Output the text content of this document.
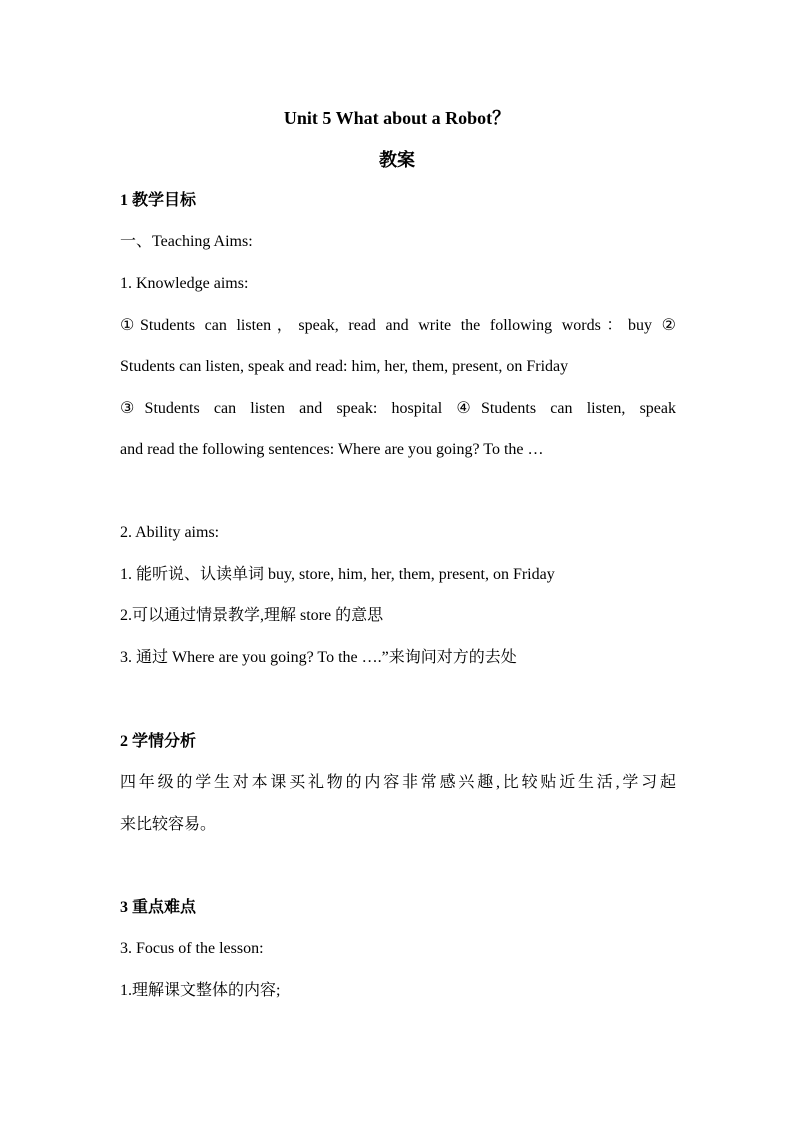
Unit 5 What about a Robot？

教案

1 教学目标

一、Teaching Aims:

1. Knowledge aims:

①Students can listen，speak, read and write the following words：buy ②

Students can listen, speak and read: him, her, them, present, on Friday

③Students can listen and speak: hospital ④Students can listen, speak

and read the following sentences: Where are you going? To the …

2. Ability aims:

1. 能听说、认读单词 buy, store, him, her, them, present, on Friday

2.可以通过情景教学,理解 store 的意思

3. 通过 Where are you going? To the ….”来询问对方的去处

2 学情分析

四年级的学生对本课买礼物的内容非常感兴趣,比较贴近生活,学习起

来比较容易。

3 重点难点

3. Focus of the lesson:

1.理解课文整体的内容;
